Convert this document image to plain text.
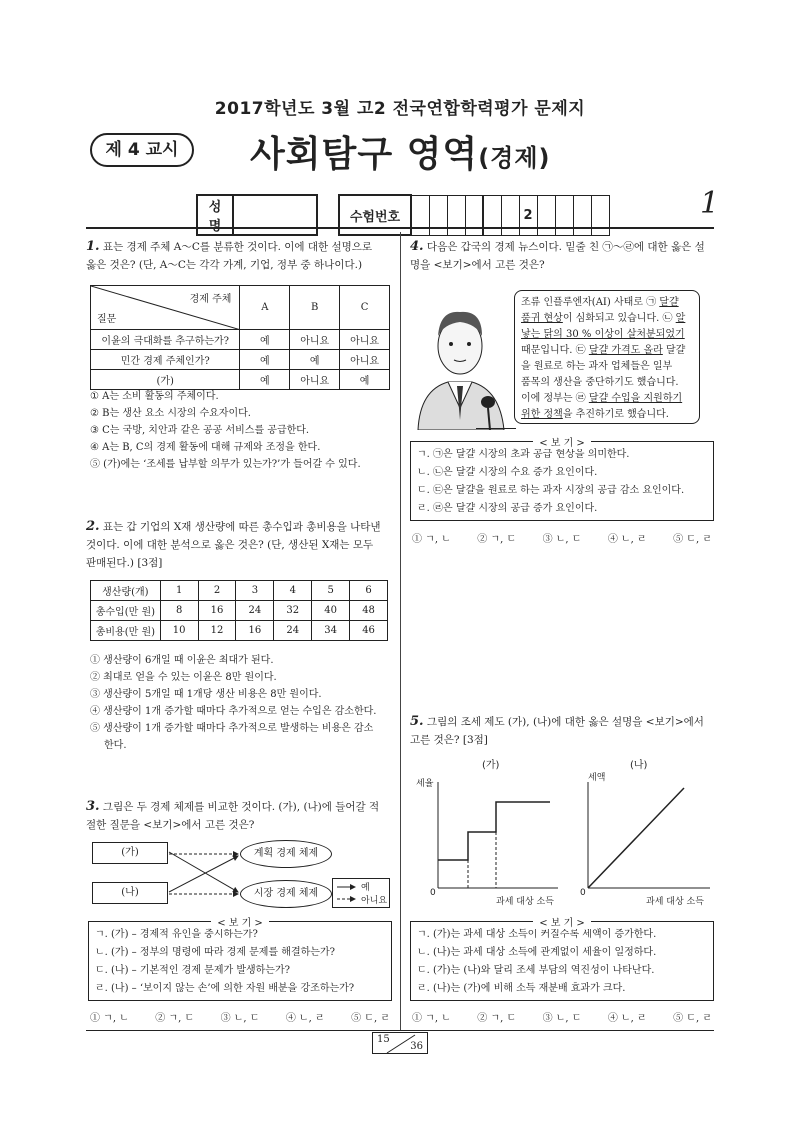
2017학년도 3월 고2 전국연합학력평가 문제지
제 4 교시	사회탐구 영역(경제)
성명			수험번호							2					1
1. 표는 경제 주체 A～C를 분류한 것이다. 이에 대한 설명으로
옳은 것은? (단, A～C는 각각 가계, 기업, 정부 중 하나이다.)
경제 주체
질문	A	B	C
이윤의 극대화를 추구하는가?	예	아니요	아니요
민간 경제 주체인가?	예	예	아니요
(가)	예	아니요	예
① A는 소비 활동의 주체이다.
② B는 생산 요소 시장의 수요자이다.
③ C는 국방, 치안과 같은 공공 서비스를 공급한다.
④ A는 B, C의 경제 활동에 대해 규제와 조정을 한다.
⑤ (가)에는 ‘조세를 납부할 의무가 있는가?’가 들어갈 수 있다.
2. 표는 갑 기업의 X재 생산량에 따른 총수입과 총비용을 나타낸
것이다. 이에 대한 분석으로 옳은 것은? (단, 생산된 X재는 모두
판매된다.) [3점]
생산량(개)	1	2	3	4	5	6
총수입(만 원)	8	16	24	32	40	48
총비용(만 원)	10	12	16	24	34	46
① 생산량이 6개일 때 이윤은 최대가 된다.
② 최대로 얻을 수 있는 이윤은 8만 원이다.
③ 생산량이 5개일 때 1개당 생산 비용은 8만 원이다.
④ 생산량이 1개 증가할 때마다 추가적으로 얻는 수입은 감소한다.
⑤ 생산량이 1개 증가할 때마다 추가적으로 발생하는 비용은 감소
한다.
3. 그림은 두 경제 체제를 비교한 것이다. (가), (나)에 들어갈 적
절한 질문을 <보기>에서 고른 것은?
(가)
(나)
계획 경제 체제
시장 경제 체제	예
아니요
< 보 기 >
ㄱ. (가) – 경제적 유인을 중시하는가?
ㄴ. (가) – 정부의 명령에 따라 경제 문제를 해결하는가?
ㄷ. (나) – 기본적인 경제 문제가 발생하는가?
ㄹ. (나) – ‘보이지 않는 손’에 의한 자원 배분을 강조하는가?
① ㄱ, ㄴ	② ㄱ, ㄷ	③ ㄴ, ㄷ	④ ㄴ, ㄹ	⑤ ㄷ, ㄹ
4. 다음은 갑국의 경제 뉴스이다. 밑줄 친 ㉠～㉣에 대한 옳은 설
명을 <보기>에서 고른 것은?
조류 인플루엔자(AI) 사태로 ㉠ 달걀
품귀 현상이 심화되고 있습니다. ㉡ 알
낳는 닭의 30 % 이상이 살처분되었기
때문입니다. ㉢ 달걀 가격도 올라 달걀
을 원료로 하는 과자 업체들은 일부
품목의 생산을 중단하기도 했습니다.
이에 정부는 ㉣ 달걀 수입을 지원하기
위한 정책을 추진하기로 했습니다.
< 보 기 >
ㄱ. ㉠은 달걀 시장의 초과 공급 현상을 의미한다.
ㄴ. ㉡은 달걀 시장의 수요 증가 요인이다.
ㄷ. ㉢은 달걀을 원료로 하는 과자 시장의 공급 감소 요인이다.
ㄹ. ㉣은 달걀 시장의 공급 증가 요인이다.
① ㄱ, ㄴ	② ㄱ, ㄷ	③ ㄴ, ㄷ	④ ㄴ, ㄹ	⑤ ㄷ, ㄹ
5. 그림의 조세 제도 (가), (나)에 대한 옳은 설명을 <보기>에서
고른 것은? [3점]
(가)
세율
0
과세 대상 소득
(나)
세액
0
과세 대상 소득
< 보 기 >
ㄱ. (가)는 과세 대상 소득이 커질수록 세액이 증가한다.
ㄴ. (나)는 과세 대상 소득에 관계없이 세율이 일정하다.
ㄷ. (가)는 (나)와 달리 조세 부담의 역진성이 나타난다.
ㄹ. (나)는 (가)에 비해 소득 재분배 효과가 크다.
① ㄱ, ㄴ	② ㄱ, ㄷ	③ ㄴ, ㄷ	④ ㄴ, ㄹ	⑤ ㄷ, ㄹ
15
36
